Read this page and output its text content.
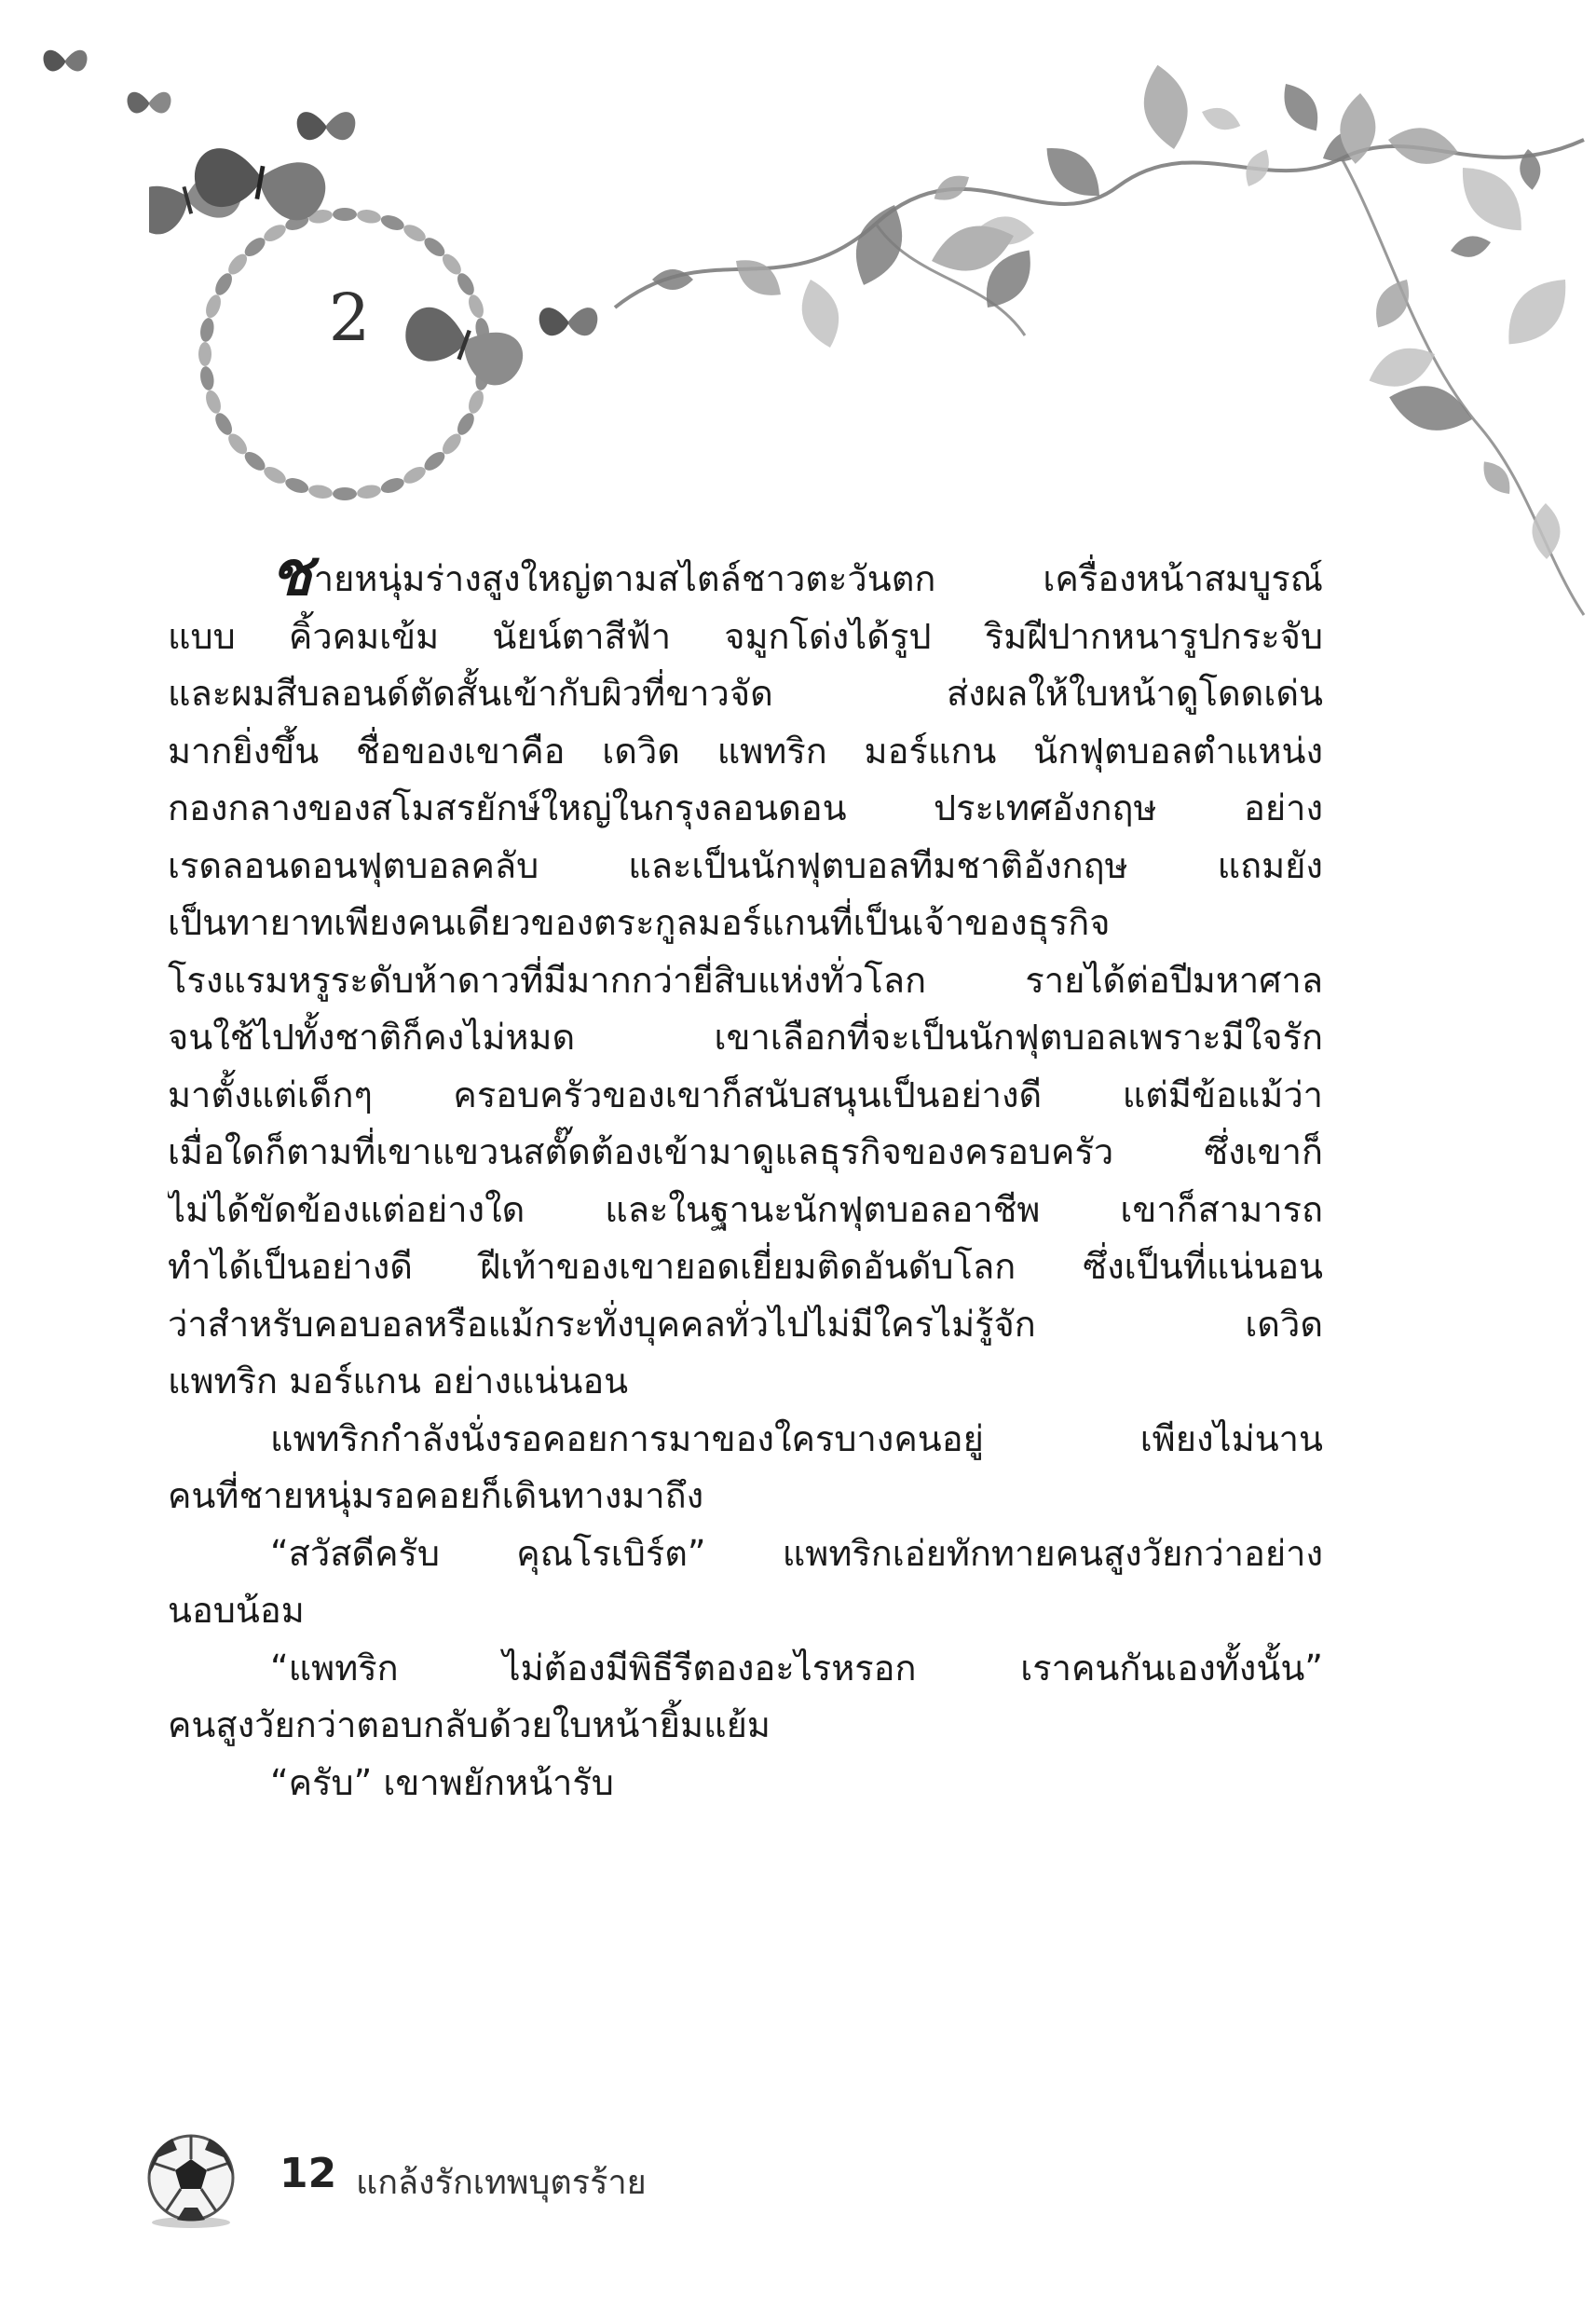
2
ชายหนุ่มร่างสูงใหญ่ตามสไตล์ชาวตะวันตก เครื่องหน้าสมบูรณ์
แบบ คิ้วคมเข้ม นัยน์ตาสีฟ้า จมูกโด่งได้รูป ริมฝีปากหนารูปกระจับ
และผมสีบลอนด์ตัดสั้นเข้ากับผิวที่ขาวจัด ส่งผลให้ใบหน้าดูโดดเด่น
มากยิ่งขึ้น ชื่อของเขาคือ เดวิด แพทริก มอร์แกน นักฟุตบอลตำแหน่ง
กองกลางของสโมสรยักษ์ใหญ่ในกรุงลอนดอน ประเทศอังกฤษ อย่าง
เรดลอนดอนฟุตบอลคลับ และเป็นนักฟุตบอลทีมชาติอังกฤษ แถมยัง
เป็นทายาทเพียงคนเดียวของตระกูลมอร์แกนที่เป็นเจ้าของธุรกิจ
โรงแรมหรูระดับห้าดาวที่มีมากกว่ายี่สิบแห่งทั่วโลก รายได้ต่อปีมหาศาล
จนใช้ไปทั้งชาติก็คงไม่หมด เขาเลือกที่จะเป็นนักฟุตบอลเพราะมีใจรัก
มาตั้งแต่เด็กๆ ครอบครัวของเขาก็สนับสนุนเป็นอย่างดี แต่มีข้อแม้ว่า
เมื่อใดก็ตามที่เขาแขวนสตั๊ดต้องเข้ามาดูแลธุรกิจของครอบครัว ซึ่งเขาก็
ไม่ได้ขัดข้องแต่อย่างใด และในฐานะนักฟุตบอลอาชีพ เขาก็สามารถ
ทำได้เป็นอย่างดี ฝีเท้าของเขายอดเยี่ยมติดอันดับโลก ซึ่งเป็นที่แน่นอน
ว่าสำหรับคอบอลหรือแม้กระทั่งบุคคลทั่วไปไม่มีใครไม่รู้จัก เดวิด
แพทริก มอร์แกน อย่างแน่นอน
แพทริกกำลังนั่งรอคอยการมาของใครบางคนอยู่ เพียงไม่นาน
คนที่ชายหนุ่มรอคอยก็เดินทางมาถึง
“สวัสดีครับ คุณโรเบิร์ต” แพทริกเอ่ยทักทายคนสูงวัยกว่าอย่าง
นอบน้อม
“แพทริก ไม่ต้องมีพิธีรีตองอะไรหรอก เราคนกันเองทั้งนั้น”
คนสูงวัยกว่าตอบกลับด้วยใบหน้ายิ้มแย้ม
“ครับ” เขาพยักหน้ารับ
12 แกล้งรักเทพบุตรร้าย
